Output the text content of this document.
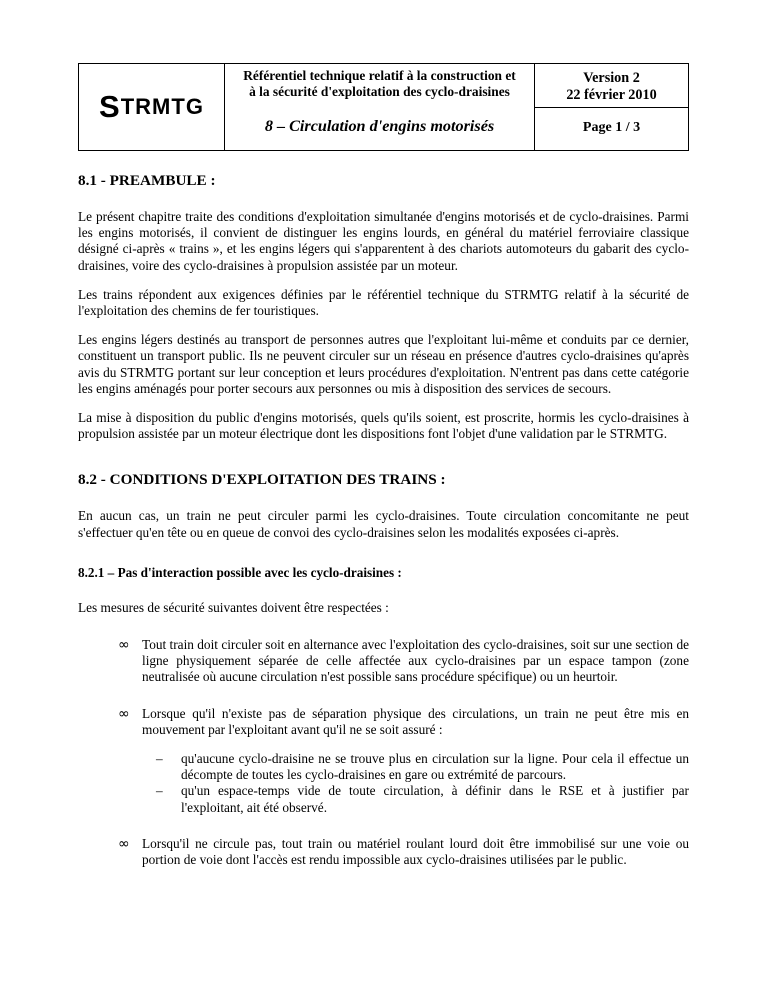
S TRMTG
Référentiel technique relatif à la construction et
à la sécurité d'exploitation des cyclo-draisines
8 – Circulation d'engins motorisés
Version 2
22 février 2010
Page 1 / 3
8.1 - PREAMBULE :

Le présent chapitre traite des conditions d'exploitation simultanée d'engins motorisés et de cyclo-draisines. Parmi les engins motorisés, il convient de distinguer les engins lourds, en général du matériel ferroviaire classique désigné ci-après « trains », et les engins légers qui s'apparentent à des chariots automoteurs du gabarit des cyclo-draisines, voire des cyclo-draisines à propulsion assistée par un moteur.

Les trains répondent aux exigences définies par le référentiel technique du STRMTG relatif à la sécurité de l'exploitation des chemins de fer touristiques.

Les engins légers destinés au transport de personnes autres que l'exploitant lui-même et conduits par ce dernier, constituent un transport public. Ils ne peuvent circuler sur un réseau en présence d'autres cyclo-draisines qu'après avis du STRMTG portant sur leur conception et leurs procédures d'exploitation. N'entrent pas dans cette catégorie les engins aménagés pour porter secours aux personnes ou mis à disposition des services de secours.

La mise à disposition du public d'engins motorisés, quels qu'ils soient, est proscrite, hormis les cyclo-draisines à propulsion assistée par un moteur électrique dont les dispositions font l'objet d'une validation par le STRMTG.

8.2 - CONDITIONS D'EXPLOITATION DES TRAINS :

En aucun cas, un train ne peut circuler parmi les cyclo-draisines. Toute circulation concomitante ne peut s'effectuer qu'en tête ou en queue de convoi des cyclo-draisines selon les modalités exposées ci-après.

8.2.1 – Pas d'interaction possible avec les cyclo-draisines :

Les mesures de sécurité suivantes doivent être respectées :

∞ Tout train doit circuler soit en alternance avec l'exploitation des cyclo-draisines, soit sur une section de ligne physiquement séparée de celle affectée aux cyclo-draisines par un espace tampon (zone neutralisée où aucune circulation n'est possible sans procédure spécifique) ou un heurtoir.

∞ Lorsque qu'il n'existe pas de séparation physique des circulations, un train ne peut être mis en mouvement par l'exploitant avant qu'il ne se soit assuré :

– qu'aucune cyclo-draisine ne se trouve plus en circulation sur la ligne. Pour cela il effectue un décompte de toutes les cyclo-draisines en gare ou extrémité de parcours.

– qu'un espace-temps vide de toute circulation, à définir dans le RSE et à justifier par l'exploitant, ait été observé.

∞ Lorsqu'il ne circule pas, tout train ou matériel roulant lourd doit être immobilisé sur une voie ou portion de voie dont l'accès est rendu impossible aux cyclo-draisines utilisées par le public.
